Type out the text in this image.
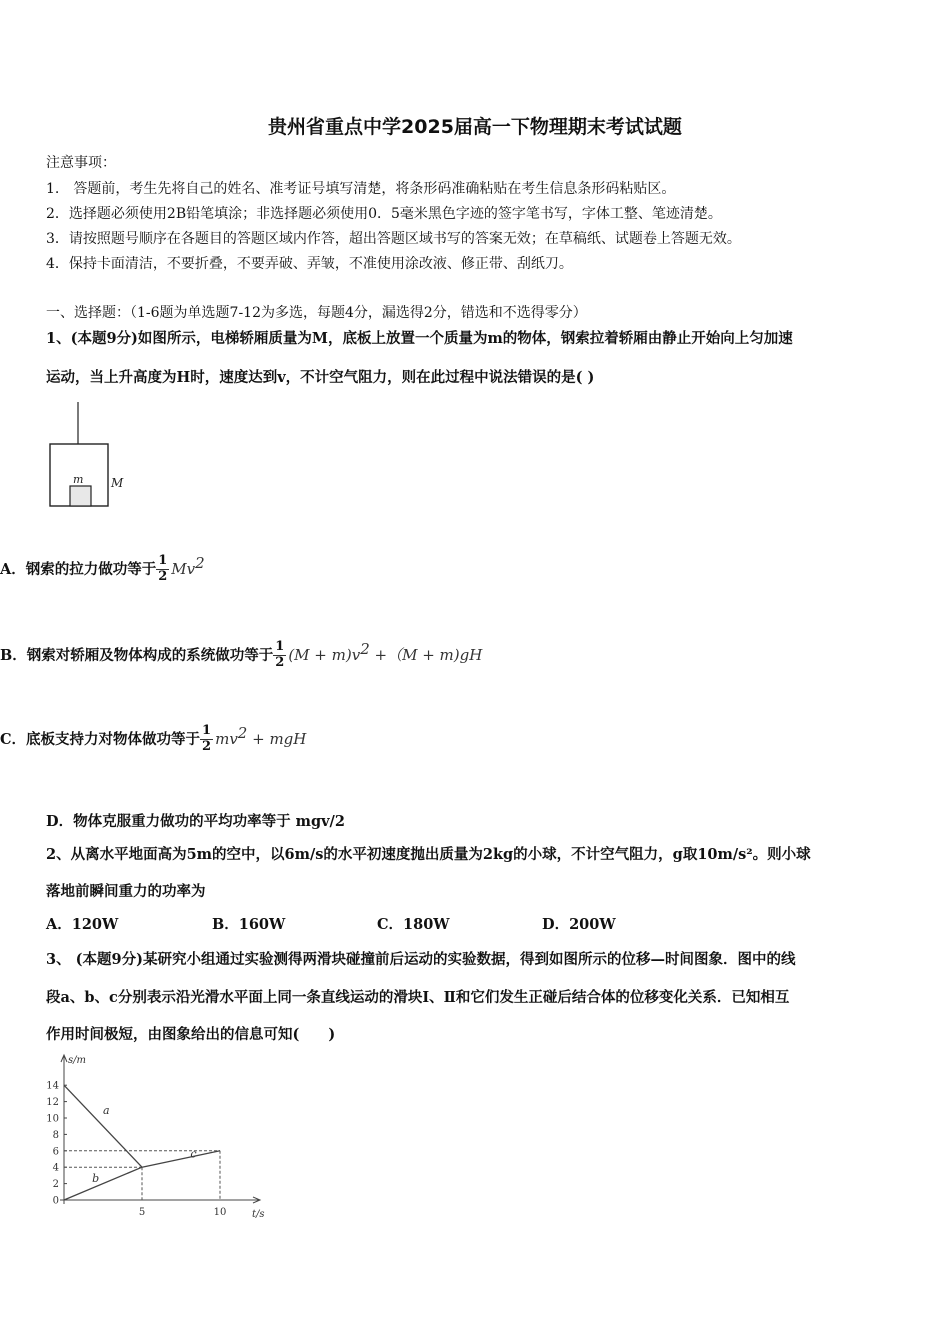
贵州省重点中学2025届高一下物理期末考试试题
注意事项：
1.　答题前，考生先将自己的姓名、准考证号填写清楚，将条形码准确粘贴在考生信息条形码粘贴区。
2．选择题必须使用2B铅笔填涂；非选择题必须使用0．5毫米黑色字迹的签字笔书写，字体工整、笔迹清楚。
3．请按照题号顺序在各题目的答题区域内作答，超出答题区域书写的答案无效；在草稿纸、试题卷上答题无效。
4．保持卡面清洁，不要折叠，不要弄破、弄皱，不准使用涂改液、修正带、刮纸刀。
一、选择题：（1-6题为单选题7-12为多选，每题4分，漏选得2分，错选和不选得零分）
1、(本题9分)如图所示，电梯轿厢质量为M，底板上放置一个质量为m的物体，钢索拉着轿厢由静止开始向上匀加速
运动，当上升高度为H时，速度达到v，不计空气阻力，则在此过程中说法错误的是( )
m M
A．钢索的拉力做功等于 $\frac{1}{2} Mv^2$
B．钢索对轿厢及物体构成的系统做功等于 $\frac{1}{2} (M + m)v^2 +(M + m)gH$
C．底板支持力对物体做功等于 $\frac{1}{2} mv^2$ + mgH
D．物体克服重力做功的平均功率等于 mgv/2
2、从离水平地面高为5m的空中，以6m/s的水平初速度抛出质量为2kg的小球，不计空气阻力，g取10m/s²。则小球
落地前瞬间重力的功率为
A．120W	B．160W	C．180W	D．200W
3、 (本题9分)某研究小组通过实验测得两滑块碰撞前后运动的实验数据，得到如图所示的位移—时间图象．图中的线
段a、b、c分别表示沿光滑水平面上同一条直线运动的滑块Ⅰ、Ⅱ和它们发生正碰后结合体的位移变化关系．已知相互
作用时间极短，由图象给出的信息可知(　　)
s/m
t/s
0
2
4
6
8
10
12
14
5	10
a
b
c
